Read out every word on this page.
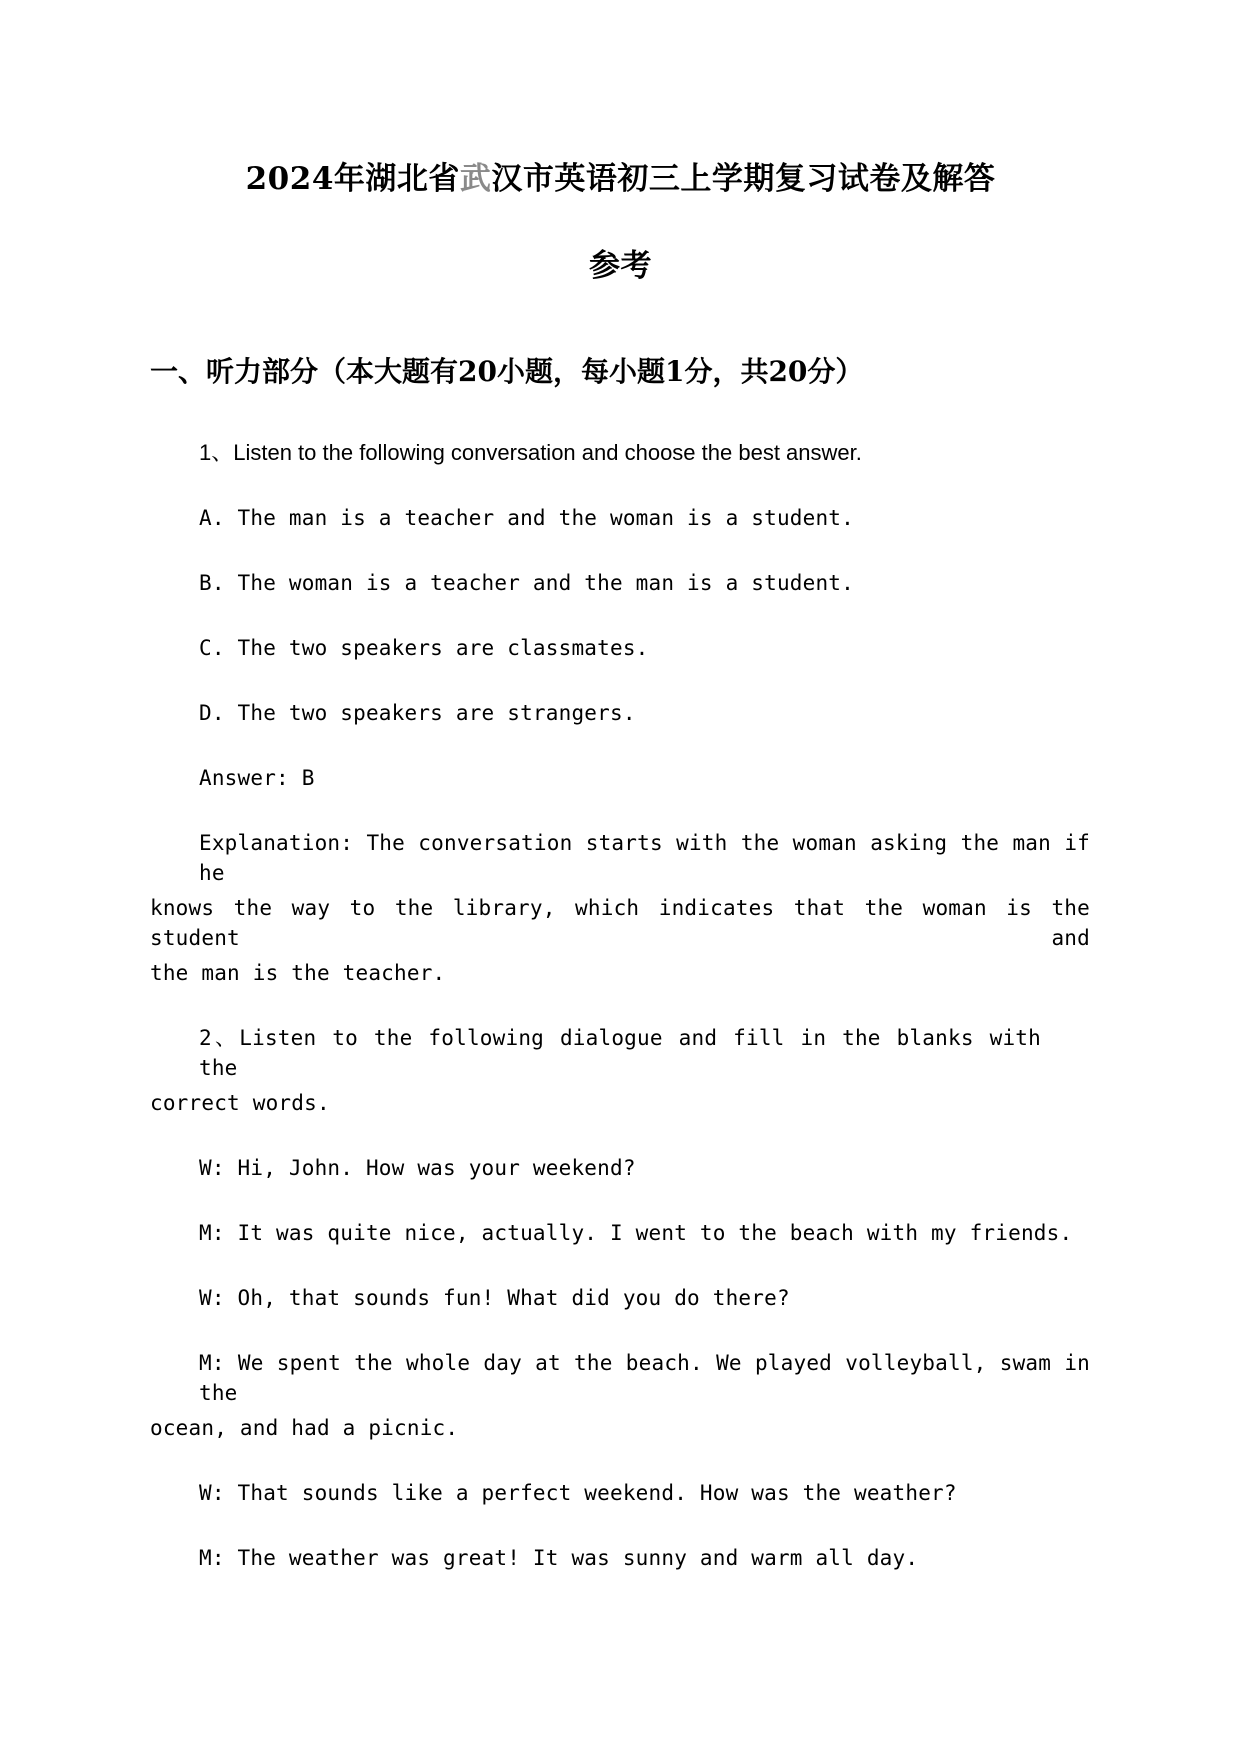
2024年湖北省武汉市英语初三上学期复习试卷及解答
参考
一、听力部分（本大题有20小题，每小题1分，共20分）
1、Listen to the following conversation and choose the best answer.
A. The man is a teacher and the woman is a student.
B. The woman is a teacher and the man is a student.
C. The two speakers are classmates.
D. The two speakers are strangers.
Answer: B
Explanation: The conversation starts with the woman asking the man if he
knows the way to the library, which indicates that the woman is the student and
the man is the teacher.
2、Listen to the following dialogue and fill in the blanks with the
correct words.
W: Hi, John. How was your weekend?
M: It was quite nice, actually. I went to the beach with my friends.
W: Oh, that sounds fun! What did you do there?
M: We spent the whole day at the beach. We played volleyball, swam in the
ocean, and had a picnic.
W: That sounds like a perfect weekend. How was the weather?
M: The weather was great! It was sunny and warm all day.
